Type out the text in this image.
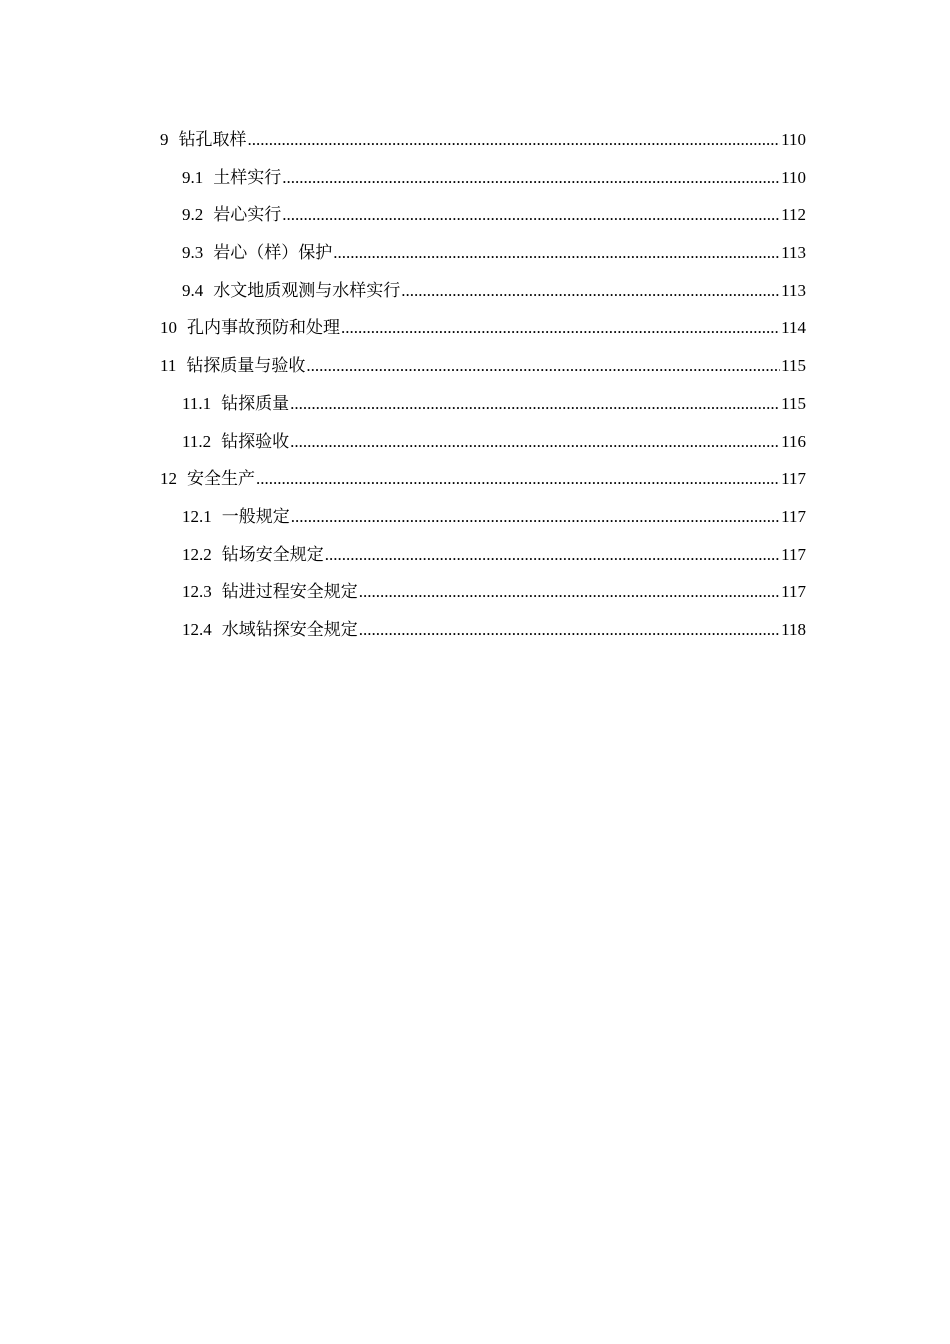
9 钻孔取样 .....	110
9.1 土样实行 .....	110
9.2 岩心实行 .....	112
9.3 岩心（样）保护 .....	113
9.4 水文地质观测与水样实行 .....	113
10 孔内事故预防和处理 .....	114
11 钻探质量与验收 .....	115
11.1 钻探质量 .....	115
11.2 钻探验收 .....	116
12 安全生产 .....	117
12.1 一般规定 .....	117
12.2 钻场安全规定 .....	117
12.3 钻进过程安全规定 .....	117
12.4 水域钻探安全规定 .....	118
